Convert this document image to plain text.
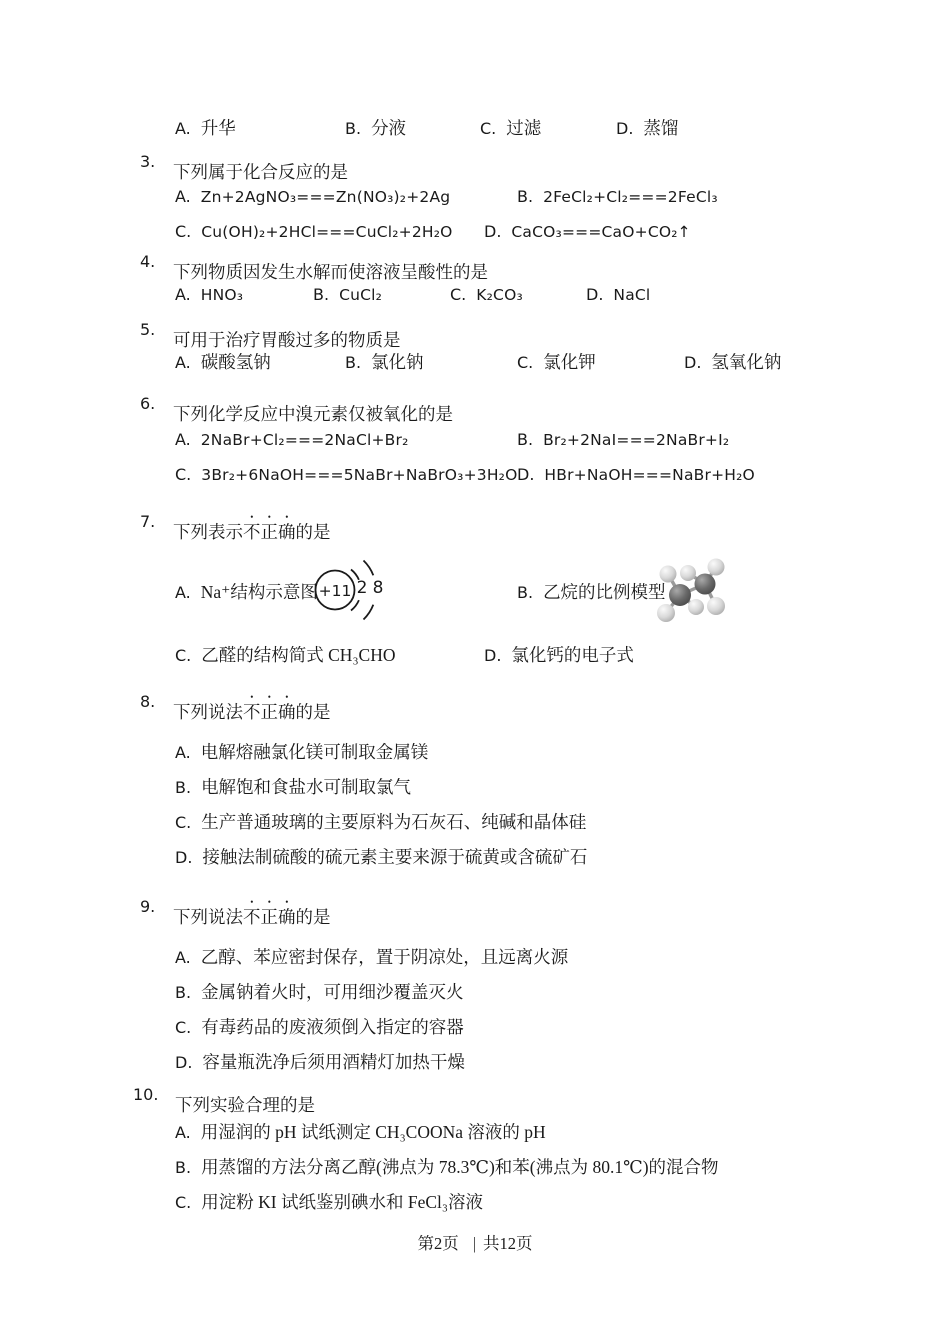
A. 升华	B. 分液	C. 过滤	D. 蒸馏
3.
下列属于化合反应的是
A. Zn+2AgNO₃===Zn(NO₃)₂+2Ag	B. 2FeCl₂+Cl₂===2FeCl₃
C. Cu(OH)₂+2HCl===CuCl₂+2H₂O D. CaCO₃===CaO+CO₂↑
4.
下列物质因发生水解而使溶液呈酸性的是
A. HNO₃	B. CuCl₂	C. K₂CO₃	D. NaCl
5.
可用于治疗胃酸过多的物质是
A. 碳酸氢钠	B. 氯化钠	C. 氯化钾	D. 氢氧化钠
6.
下列化学反应中溴元素仅被氧化的是
A. 2NaBr+Cl₂===2NaCl+Br₂	B. Br₂+2NaI===2NaBr+I₂
C. 3Br₂+6NaOH===5NaBr+NaBrO₃+3H₂O D. HBr+NaOH===NaBr+H₂O
7.
下列表示不正确的是
A. Na⁺结构示意图 +11 2 8	B. 乙烷的比例模型
C. 乙醛的结构简式 CH₃CHO	D. 氯化钙的电子式
8.
下列说法不正确的是
A. 电解熔融氯化镁可制取金属镁
B. 电解饱和食盐水可制取氯气
C. 生产普通玻璃的主要原料为石灰石、纯碱和晶体硅
D. 接触法制硫酸的硫元素主要来源于硫黄或含硫矿石
9.
下列说法不正确的是
A. 乙醇、苯应密封保存，置于阴凉处，且远离火源
B. 金属钠着火时，可用细沙覆盖灭火
C. 有毒药品的废液须倒入指定的容器
D. 容量瓶洗净后须用酒精灯加热干燥
10.
下列实验合理的是
A. 用湿润的 pH 试纸测定 CH₃COONa 溶液的 pH
B. 用蒸馏的方法分离乙醇(沸点为 78.3℃)和苯(沸点为 80.1℃)的混合物
C. 用淀粉 KI 试纸鉴别碘水和 FeCl₃溶液
第2页 | 共12页
